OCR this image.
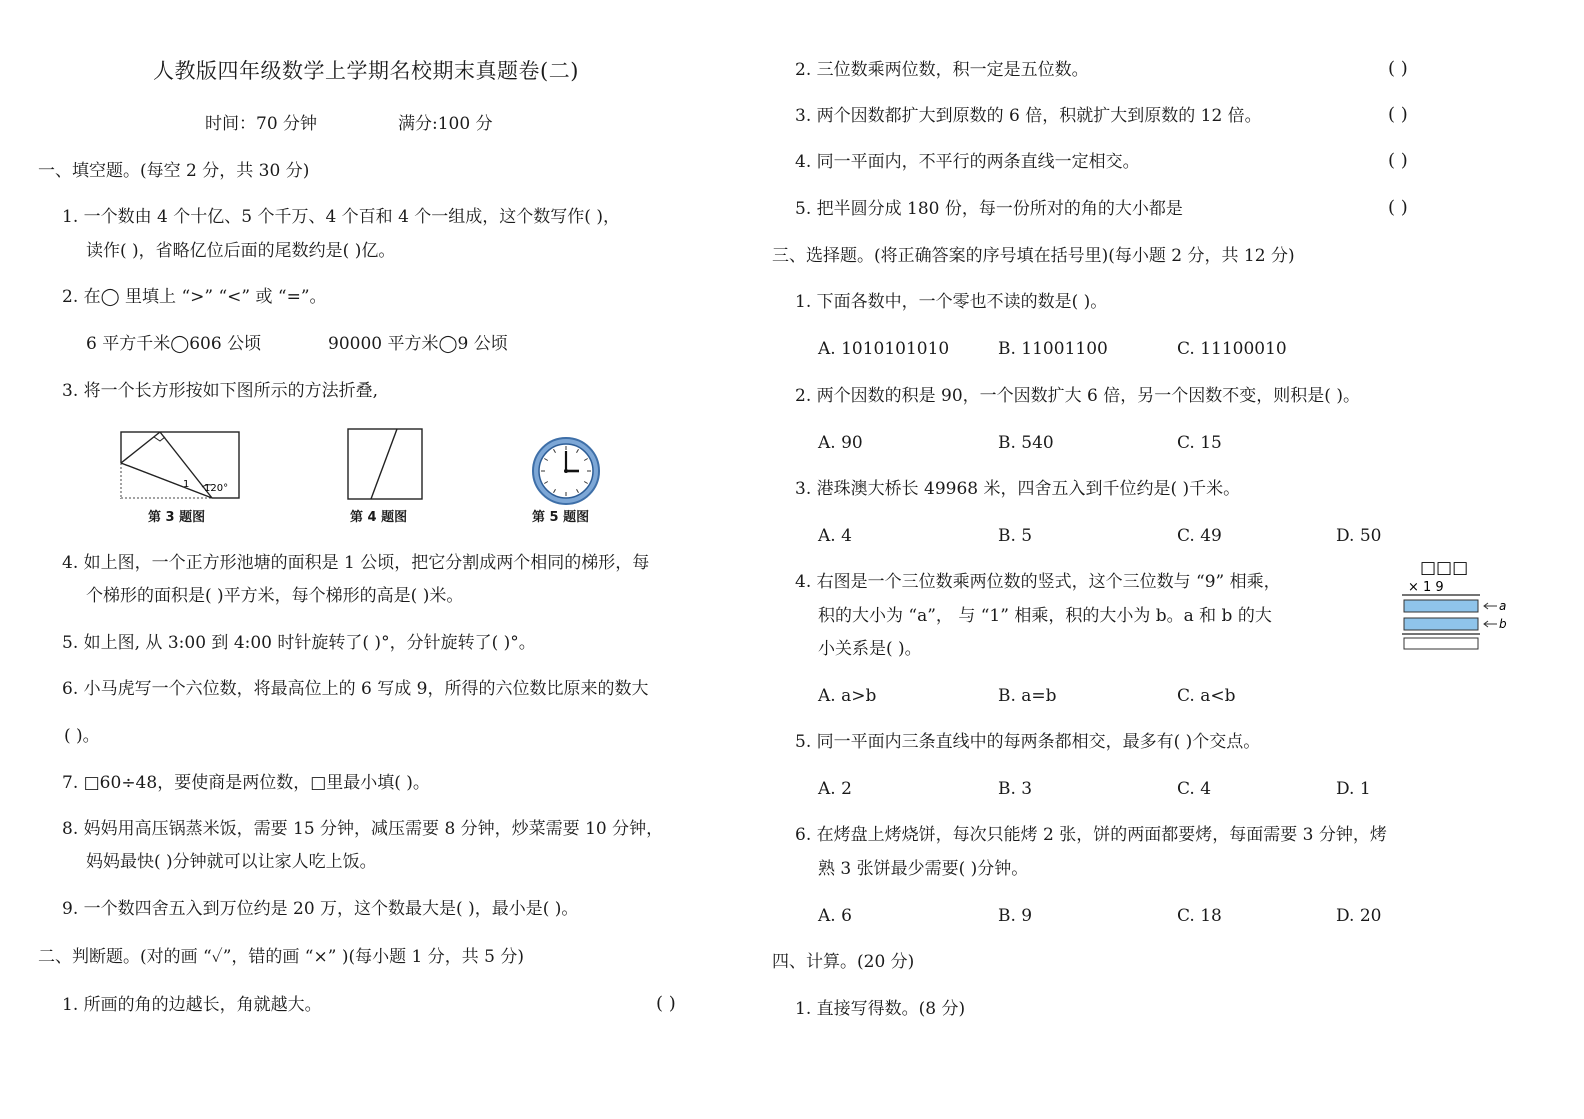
人教版四年级数学上学期名校期末真题卷(二)
时间：70 分钟	满分:100 分
一、填空题。(每空 2 分，共 30 分)
1. 一个数由 4 个十亿、5 个千万、4 个百和 4 个一组成，这个数写作( )，
读作( )，省略亿位后面的尾数约是( )亿。
2. 在◯ 里填上 “>” “<” 或 “=”。
6 平方千米◯606 公顷	90000 平方米◯9 公顷
3. 将一个长方形按如下图所示的方法折叠,
1 120°
第 3 题图	第 4 题图	第 5 题图
4. 如上图，一个正方形池塘的面积是 1 公顷，把它分割成两个相同的梯形，每
个梯形的面积是( )平方米，每个梯形的高是( )米。
5. 如上图, 从 3:00 到 4:00 时针旋转了( )°，分针旋转了( )°。
6. 小马虎写一个六位数，将最高位上的 6 写成 9，所得的六位数比原来的数大
( )。
7. □60÷48，要使商是两位数，□里最小填( )。
8. 妈妈用高压锅蒸米饭，需要 15 分钟，减压需要 8 分钟，炒菜需要 10 分钟，
妈妈最快( )分钟就可以让家人吃上饭。
9. 一个数四舍五入到万位约是 20 万，这个数最大是( )，最小是( )。
二、判断题。(对的画 “✓”，错的画 “×” )(每小题 1 分，共 5 分)
1. 所画的角的边越长，角就越大。	( )
2. 三位数乘两位数，积一定是五位数。	( )
3. 两个因数都扩大到原数的 6 倍，积就扩大到原数的 12 倍。	( )
4. 同一平面内，不平行的两条直线一定相交。	( )
5. 把半圆分成 180 份，每一份所对的角的大小都是	( )
三、选择题。(将正确答案的序号填在括号里)(每小题 2 分，共 12 分)
1. 下面各数中，一个零也不读的数是( )。
A. 1010101010	B. 11001100	C. 11100010
2. 两个因数的积是 90，一个因数扩大 6 倍，另一个因数不变，则积是( )。
A. 90	B. 540	C. 15
3. 港珠澳大桥长 49968 米，四舍五入到千位约是( )千米。
A. 4	B. 5	C. 49	D. 50
4. 右图是一个三位数乘两位数的竖式，这个三位数与 “9” 相乘，
积的大小为 “a”， 与 “1” 相乘，积的大小为 b。a 和 b 的大
小关系是( )。
□□□
× 1 9
a
b
A. a>b	B. a=b	C. a<b
5. 同一平面内三条直线中的每两条都相交，最多有( )个交点。
A. 2	B. 3	C. 4	D. 1
6. 在烤盘上烤烧饼，每次只能烤 2 张，饼的两面都要烤，每面需要 3 分钟，烤
熟 3 张饼最少需要( )分钟。
A. 6	B. 9	C. 18	D. 20
四、计算。(20 分)
1. 直接写得数。(8 分)
